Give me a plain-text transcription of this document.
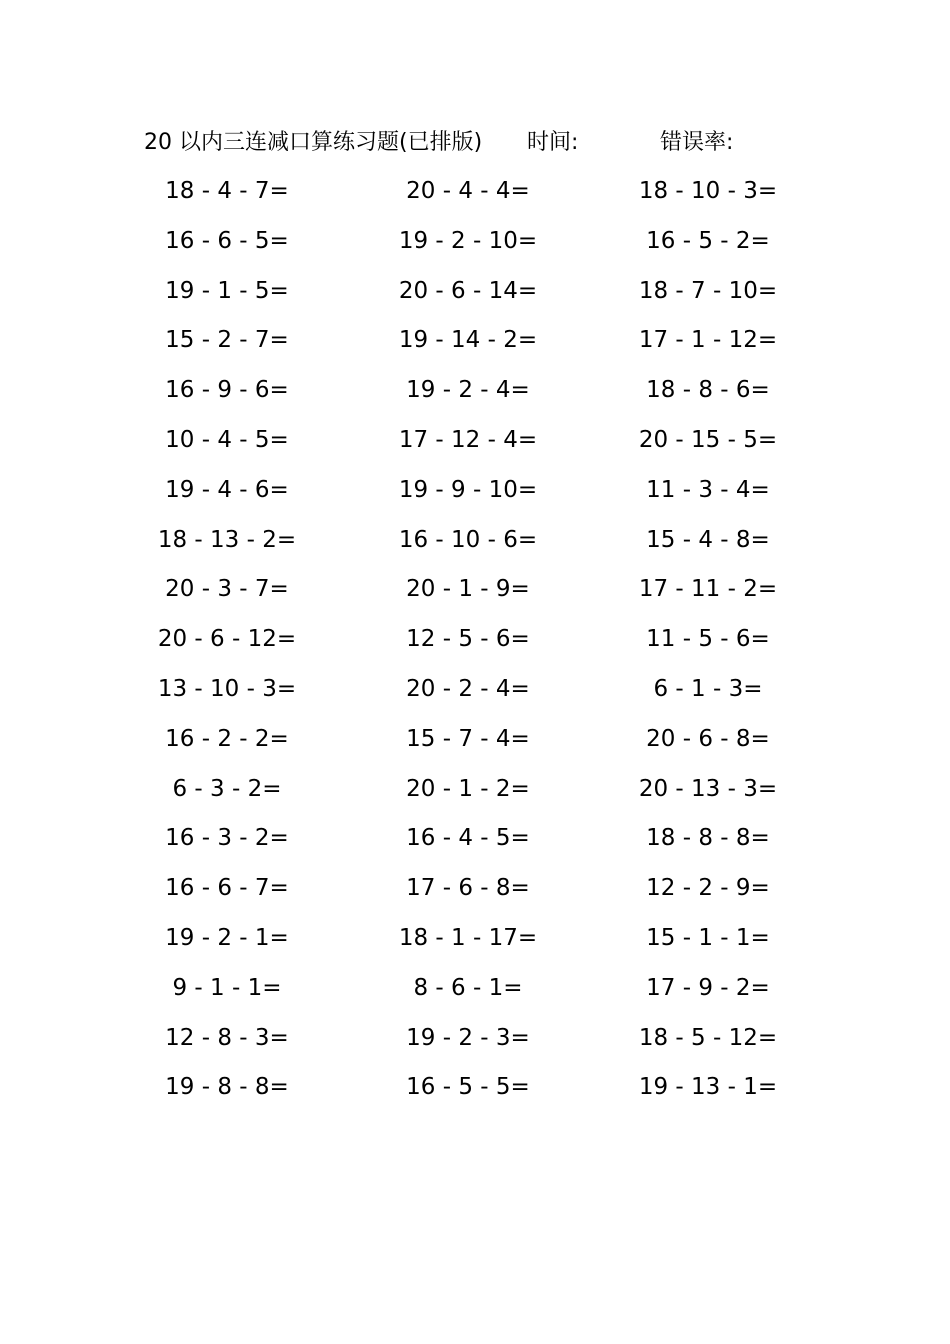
20 以内三连减口算练习题(已排版) 时间:	错误率:
18 - 4 - 7=	20 - 4 - 4=	18 - 10 - 3=
16 - 6 - 5=	19 - 2 - 10=	16 - 5 - 2=
19 - 1 - 5=	20 - 6 - 14=	18 - 7 - 10=
15 - 2 - 7=	19 - 14 - 2=	17 - 1 - 12=
16 - 9 - 6=	19 - 2 - 4=	18 - 8 - 6=
10 - 4 - 5=	17 - 12 - 4=	20 - 15 - 5=
19 - 4 - 6=	19 - 9 - 10=	11 - 3 - 4=
18 - 13 - 2=	16 - 10 - 6=	15 - 4 - 8=
20 - 3 - 7=	20 - 1 - 9=	17 - 11 - 2=
20 - 6 - 12=	12 - 5 - 6=	11 - 5 - 6=
13 - 10 - 3=	20 - 2 - 4=	6 - 1 - 3=
16 - 2 - 2=	15 - 7 - 4=	20 - 6 - 8=
6 - 3 - 2=	20 - 1 - 2=	20 - 13 - 3=
16 - 3 - 2=	16 - 4 - 5=	18 - 8 - 8=
16 - 6 - 7=	17 - 6 - 8=	12 - 2 - 9=
19 - 2 - 1=	18 - 1 - 17=	15 - 1 - 1=
9 - 1 - 1=	8 - 6 - 1=	17 - 9 - 2=
12 - 8 - 3=	19 - 2 - 3=	18 - 5 - 12=
19 - 8 - 8=	16 - 5 - 5=	19 - 13 - 1=
